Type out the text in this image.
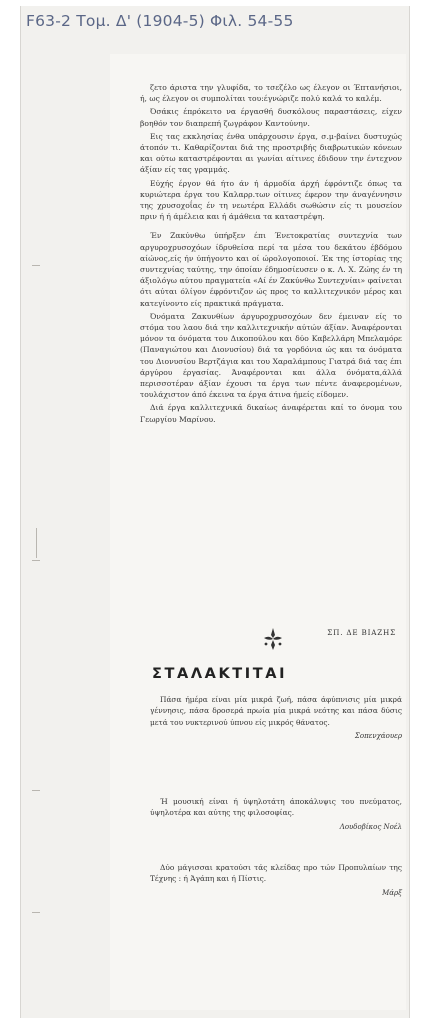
F63-2 Τομ. Δ' (1904-5) Φιλ. 54-55

ζετο άριστα την γλυφίδα, το τσεζέλο ως έλεγον οι Έπτανήσιοι, ή, ως έλεγον οι συμπολίται του:έγνώριζε πολύ καλά το καλέμ.

Όσάκις έπρόκειτο να έργασθή δυσκόλους παραστάσεις, είχεν βοηθόν τον διαπρεπή ζωγράφον Καντούνην.

Εις τας εκκλησίας ένθα υπάρχουσιν έργα, σ.μ-βαίνει δυστυχώς άτοπόν τι. Καθαρίζονται διά της προστριβής διαβρωτικών κόνεων και ούτω καταστρέφονται αι γωνίαι αίτινες έδιδουν την έντεχνον άξίαν είς τας γραμμάς.

Εύχής έργον θά ήτο άν ή άρμοδία άρχή έφρόντιζε όπως τα κυριώτερα έργα του Καλαρρ.των οίτινες έφερον την άναγέννησιν της χρυσοχοΐας έν τη νεωτέρα Ελλάδι σωθώσιν είς τι μουσείον πριν ή ή άμέλεια και ή άμάθεια τα καταστρέψη.

Έν Ζακύνθω ύπήρξεν έπι Ένετοκρατίας συντεχνία των αργυροχρυσοχόων ίδρυθείσα περί τα μέσα του δεκάτου έβδόμου αίώνος,είς ήν ύπήγοντο και οί ώρολογοποιοί. Έκ της ίστορίας της συντεχνίας ταύτης, την όποίαν έδημοσίευσεν ο κ. Λ. Χ. Ζώης έν τη άξιολόγω αύτου πραγματεία «Αί έν Ζακύνθω Συντεχνίαι» φαίνεται ότι αύται όλίγον έφρόντιζον ώς προς το καλλιτεχνικόν μέρος και κατεγίνοντο είς πρακτικά πράγματα.

Όνόματα Ζακυνθίων άργυροχρυσοχόων δεν έμειναν είς το στόμα του λαου διά την καλλιτεχνικήν αύτών άξίαν. Άναφέρονται μόνον τα όνόματα του Δικοπούλου και δύο Καβελλάρη Μπελαμόρε (Παναγιώτου και Διονυσίου) διά τα γορδόνια ώς και τα όνόματα του Διονυσίου Βερτζάγια και του Χαραλάμπους Γιατρά διά τας έπι άργύρου έργασίας. Άναφέρονται και άλλα όνόματα,άλλά περισσοτέραν άξίαν έχουσι τα έργα των πέντε άναφερομένων, τουλάχιστον άπό έκεινα τα έργα άτινα ήμείς είδομεν.

Διά έργα καλλιτεχνικά δικαίως άναφέρεται καί το όνομα του Γεωργίου Μαρίνου.

ΣΠ. ΔΕ ΒΙΑΖΗΣ
ΣΤΑΛΑΚΤΙΤΑΙ

Πάσα ήμέρα είναι μία μικρά ζωή, πάσα άφύπνισις μία μικρά γέννησις, πάσα δροσερά πρωία μία μικρά νεότης και πάσα δύσις μετά του νυκτερινού ύπνου είς μικρός θάνατος.

Σοπενχάουερ

Ή μουσική είναι ή ύψηλοτάτη άποκάλυψις του πνεύματος, ύψηλοτέρα και αύτης της φιλοσοφίας.

Λουδοβίκος Νοέλ

Δύο μάγισσαι κρατούσι τάς κλείδας προ τών Προπυλαίων της Τέχνης : ή Άγάπη και ή Πίστις.

Μάρξ
